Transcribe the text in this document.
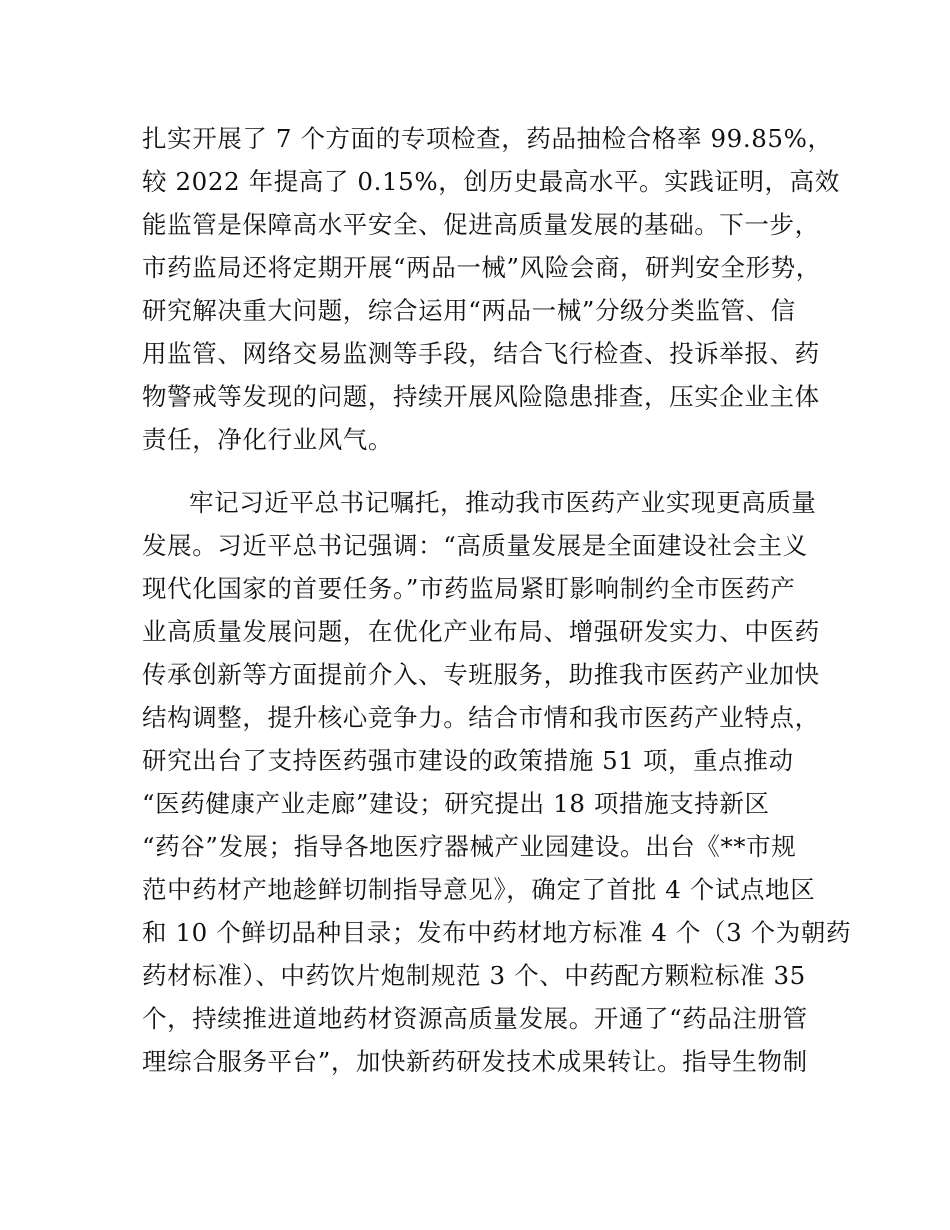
扎实开展了 7 个方面的专项检查，药品抽检合格率 99.85%，
较 2022 年提高了 0.15%，创历史最高水平。实践证明，高效
能监管是保障高水平安全、促进高质量发展的基础。下一步，
市药监局还将定期开展“两品一械”风险会商，研判安全形势，
研究解决重大问题，综合运用“两品一械”分级分类监管、信
用监管、网络交易监测等手段，结合飞行检查、投诉举报、药
物警戒等发现的问题，持续开展风险隐患排查，压实企业主体
责任，净化行业风气。
牢记习近平总书记嘱托，推动我市医药产业实现更高质量
发展。习近平总书记强调：“高质量发展是全面建设社会主义
现代化国家的首要任务。”市药监局紧盯影响制约全市医药产
业高质量发展问题，在优化产业布局、增强研发实力、中医药
传承创新等方面提前介入、专班服务，助推我市医药产业加快
结构调整，提升核心竞争力。结合市情和我市医药产业特点，
研究出台了支持医药强市建设的政策措施 51 项，重点推动
“医药健康产业走廊”建设；研究提出 18 项措施支持新区
“药谷”发展；指导各地医疗器械产业园建设。出台《**市规
范中药材产地趁鲜切制指导意见》，确定了首批 4 个试点地区
和 10 个鲜切品种目录；发布中药材地方标准 4 个（3 个为朝药
药材标准）、中药饮片炮制规范 3 个、中药配方颗粒标准 35
个，持续推进道地药材资源高质量发展。开通了“药品注册管
理综合服务平台”，加快新药研发技术成果转让。指导生物制
